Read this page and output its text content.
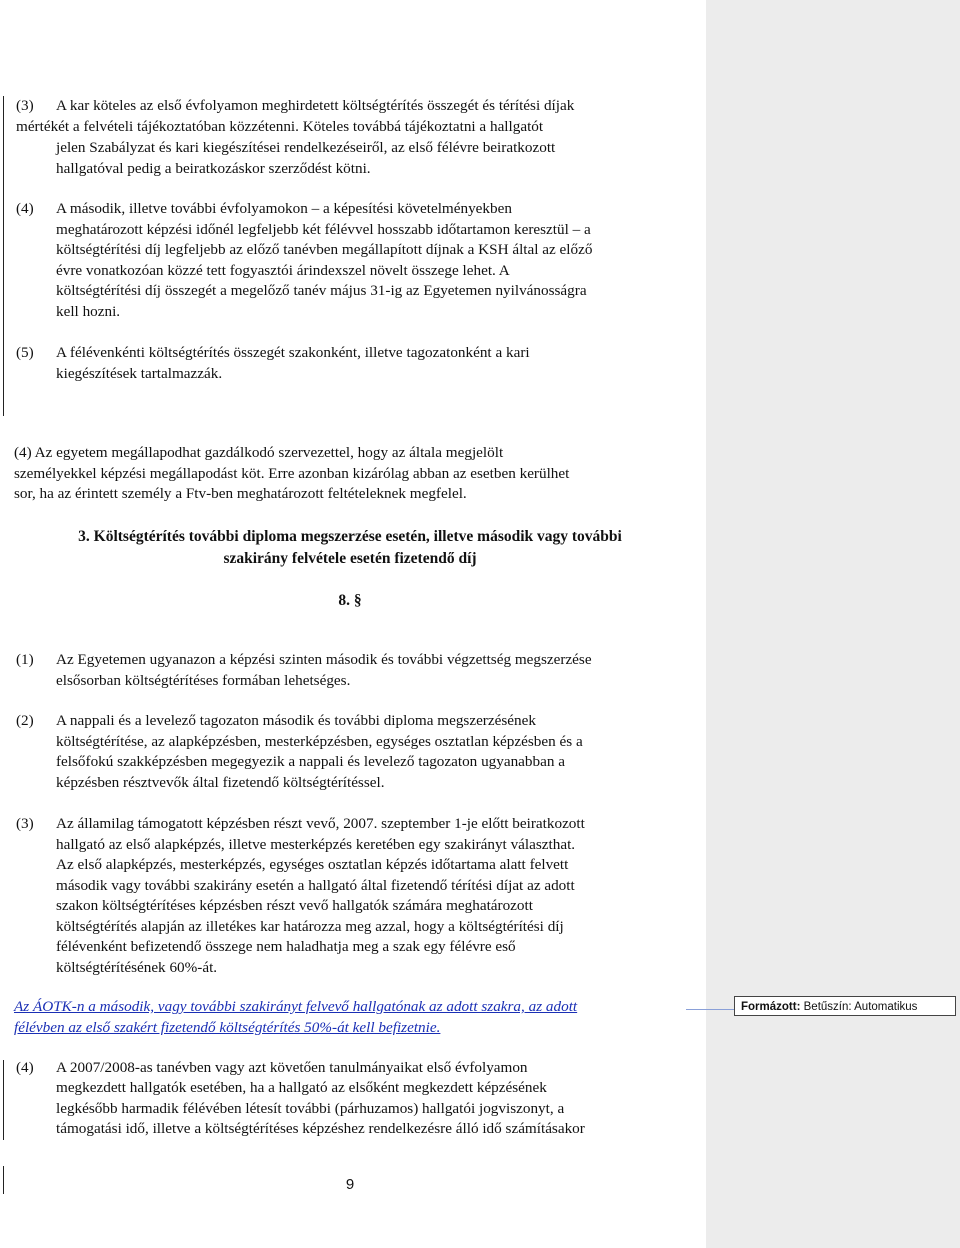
(3) A kar köteles az első évfolyamon meghirdetett költségtérítés összegét és térítési díjak
mértékét a felvételi tájékoztatóban közzétenni. Köteles továbbá tájékoztatni a hallgatót
jelen Szabályzat és kari kiegészítései rendelkezéseiről, az első félévre beiratkozott
hallgatóval pedig a beiratkozáskor szerződést kötni.
(4) A második, illetve további évfolyamokon – a képesítési követelményekben
meghatározott képzési időnél legfeljebb két félévvel hosszabb időtartamon keresztül – a
költségtérítési díj legfeljebb az előző tanévben megállapított díjnak a KSH által az előző
évre vonatkozóan közzé tett fogyasztói árindexszel növelt összege lehet. A
költségtérítési díj összegét a megelőző tanév május 31-ig az Egyetemen nyilvánosságra
kell hozni.
(5) A félévenkénti költségtérítés összegét szakonként, illetve tagozatonként a kari
kiegészítések tartalmazzák.
(4) Az egyetem megállapodhat gazdálkodó szervezettel, hogy az általa megjelölt
személyekkel képzési megállapodást köt. Erre azonban kizárólag abban az esetben kerülhet
sor, ha az érintett személy a Ftv-ben meghatározott feltételeknek megfelel.
3. Költségtérítés további diploma megszerzése esetén, illetve második vagy további
szakirány felvétele esetén fizetendő díj
8. §
(1) Az Egyetemen ugyanazon a képzési szinten második és további végzettség megszerzése
elsősorban költségtérítéses formában lehetséges.
(2) A nappali és a levelező tagozaton második és további diploma megszerzésének
költségtérítése, az alapképzésben, mesterképzésben, egységes osztatlan képzésben és a
felsőfokú szakképzésben megegyezik a nappali és levelező tagozaton ugyanabban a
képzésben résztvevők által fizetendő költségtérítéssel.
(3) Az államilag támogatott képzésben részt vevő, 2007. szeptember 1-je előtt beiratkozott
hallgató az első alapképzés, illetve mesterképzés keretében egy szakirányt választhat.
Az első alapképzés, mesterképzés, egységes osztatlan képzés időtartama alatt felvett
második vagy további szakirány esetén a hallgató által fizetendő térítési díjat az adott
szakon költségtérítéses képzésben részt vevő hallgatók számára meghatározott
költségtérítés alapján az illetékes kar határozza meg azzal, hogy a költségtérítési díj
félévenként befizetendő összege nem haladhatja meg a szak egy félévre eső
költségtérítésének 60%-át.
Az ÁOTK-n a második, vagy további szakirányt felvevő hallgatónak az adott szakra, az adott
félévben az első szakért fizetendő költségtérítés 50%-át kell befizetnie.
(4) A 2007/2008-as tanévben vagy azt követően tanulmányaikat első évfolyamon
megkezdett hallgatók esetében, ha a hallgató az elsőként megkezdett képzésének
legkésőbb harmadik félévében létesít további (párhuzamos) hallgatói jogviszonyt, a
támogatási idő, illetve a költségtérítéses képzéshez rendelkezésre álló idő számításakor
9
Formázott: Betűszín: Automatikus
